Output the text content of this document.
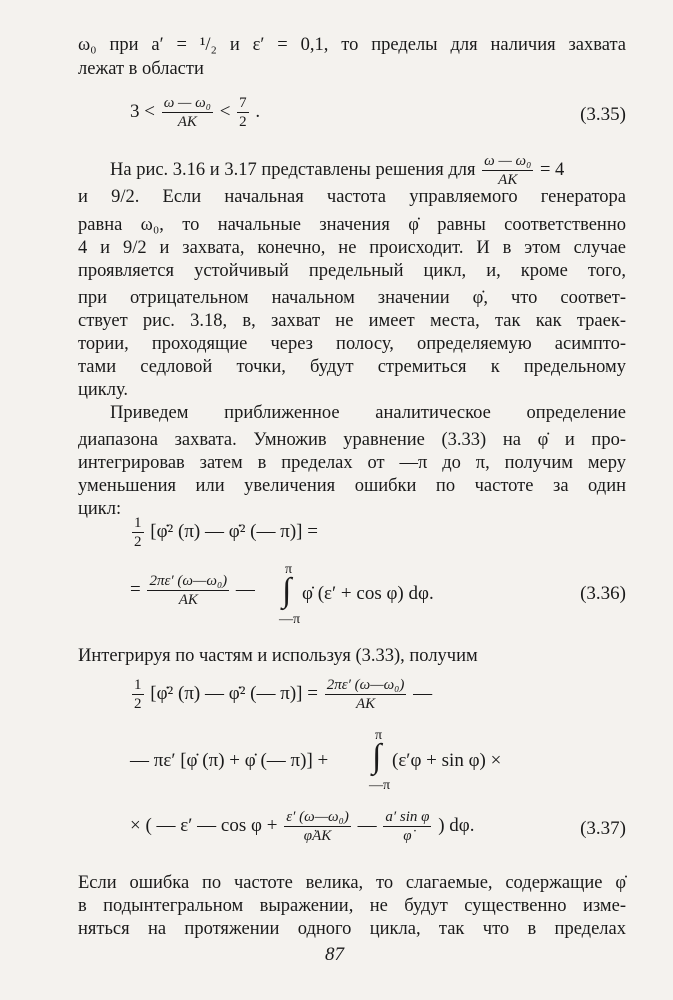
ω₀ при a′ = ¹/₂ и ε′ = 0,1, то пределы для наличия захвата
лежат в области
$3 < \frac{\text{ω — ω₀}}{AK} < \frac{7}{2}$ .	(3.35)
На рис. 3.16 и 3.17 представлены решения для $\frac{\text{ω — ω₀}}{AK} = 4$
и 9/2. Если начальная частота управляемого генератора
равна ω₀, то начальные значения φ̇ равны соответственно
4 и 9/2 и захвата, конечно, не происходит. И в этом случае
проявляется устойчивый предельный цикл, и, кроме того,
при отрицательном начальном значении φ̇, что соответ-
ствует рис. 3.18, в, захват не имеет места, так как траек-
тории, проходящие через полосу, определяемую асимпто-
тами седловой точки, будут стремиться к предельному
циклу.
Приведем приближенное аналитическое определение
диапазона захвата. Умножив уравнение (3.33) на φ̇ и про-
интегрировав затем в пределах от —π до π, получим меру
уменьшения или увеличения ошибки по частоте за один
цикл:
$\frac{1}{2}$ [φ̇² (π) — φ̇² (— π)] =
= $\frac{\text{2πε′ (ω—ω₀)}}{AK}$ —
π
∫
—π
φ̇ (ε′ + cos φ) dφ.	(3.36)
Интегрируя по частям и используя (3.33), получим
$\frac{1}{2}$ [φ̇² (π) — φ̇² (— $\pi)] = \frac{\text{2πε′ (ω—ω₀)}}{AK}$ —
— πε′ [φ̇ (π) + φ̇ (— π)] +
π
∫
—π
(ε′φ + sin φ) ×
× ( — ε′ — $\cos \varphi + \frac{\text{ε′ (ω—ω₀)}}{\varphi̇AK}$ — $\frac{\text{a′ sin φ}}{\varphi̇}$ ) dφ.	(3.37)
Если ошибка по частоте велика, то слагаемые, содержащие φ̇
в подынтегральном выражении, не будут существенно изме-
няться на протяжении одного цикла, так что в пределах
87
